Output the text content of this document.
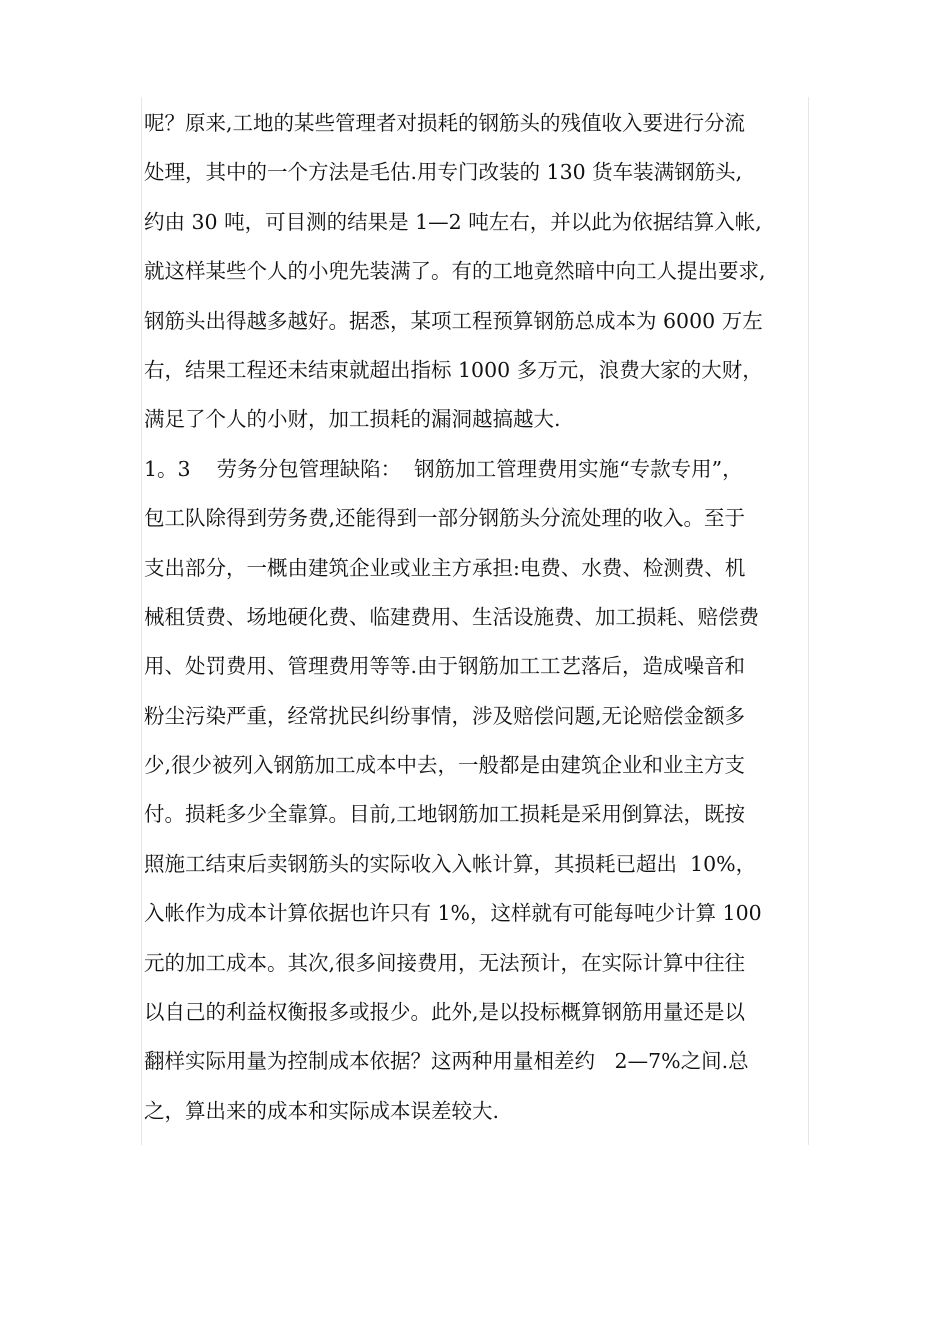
呢？原来,工地的某些管理者对损耗的钢筋头的残值收入要进行分流
处理，其中的一个方法是毛估.用专门改装的 130 货车装满钢筋头,
约由 30 吨，可目测的结果是 1—2 吨左右，并以此为依据结算入帐,
就这样某些个人的小兜先装满了。有的工地竟然暗中向工人提出要求,
钢筋头出得越多越好。据悉，某项工程预算钢筋总成本为 6000 万左
右，结果工程还未结束就超出指标 1000 多万元，浪费大家的大财，
满足了个人的小财，加工损耗的漏洞越搞越大.
1。3    劳务分包管理缺陷：  钢筋加工管理费用实施“专款专用”，
包工队除得到劳务费,还能得到一部分钢筋头分流处理的收入。至于
支出部分，一概由建筑企业或业主方承担:电费、水费、检测费、机
械租赁费、场地硬化费、临建费用、生活设施费、加工损耗、赔偿费
用、处罚费用、管理费用等等.由于钢筋加工工艺落后，造成噪音和
粉尘污染严重，经常扰民纠纷事情，涉及赔偿问题,无论赔偿金额多
少,很少被列入钢筋加工成本中去，一般都是由建筑企业和业主方支
付。损耗多少全靠算。目前,工地钢筋加工损耗是采用倒算法，既按
照施工结束后卖钢筋头的实际收入入帐计算，其损耗已超出  10%，
入帐作为成本计算依据也许只有 1%，这样就有可能每吨少计算 100
元的加工成本。其次,很多间接费用，无法预计，在实际计算中往往
以自己的利益权衡报多或报少。此外,是以投标概算钢筋用量还是以
翻样实际用量为控制成本依据？这两种用量相差约   2—7%之间.总
之，算出来的成本和实际成本误差较大.
